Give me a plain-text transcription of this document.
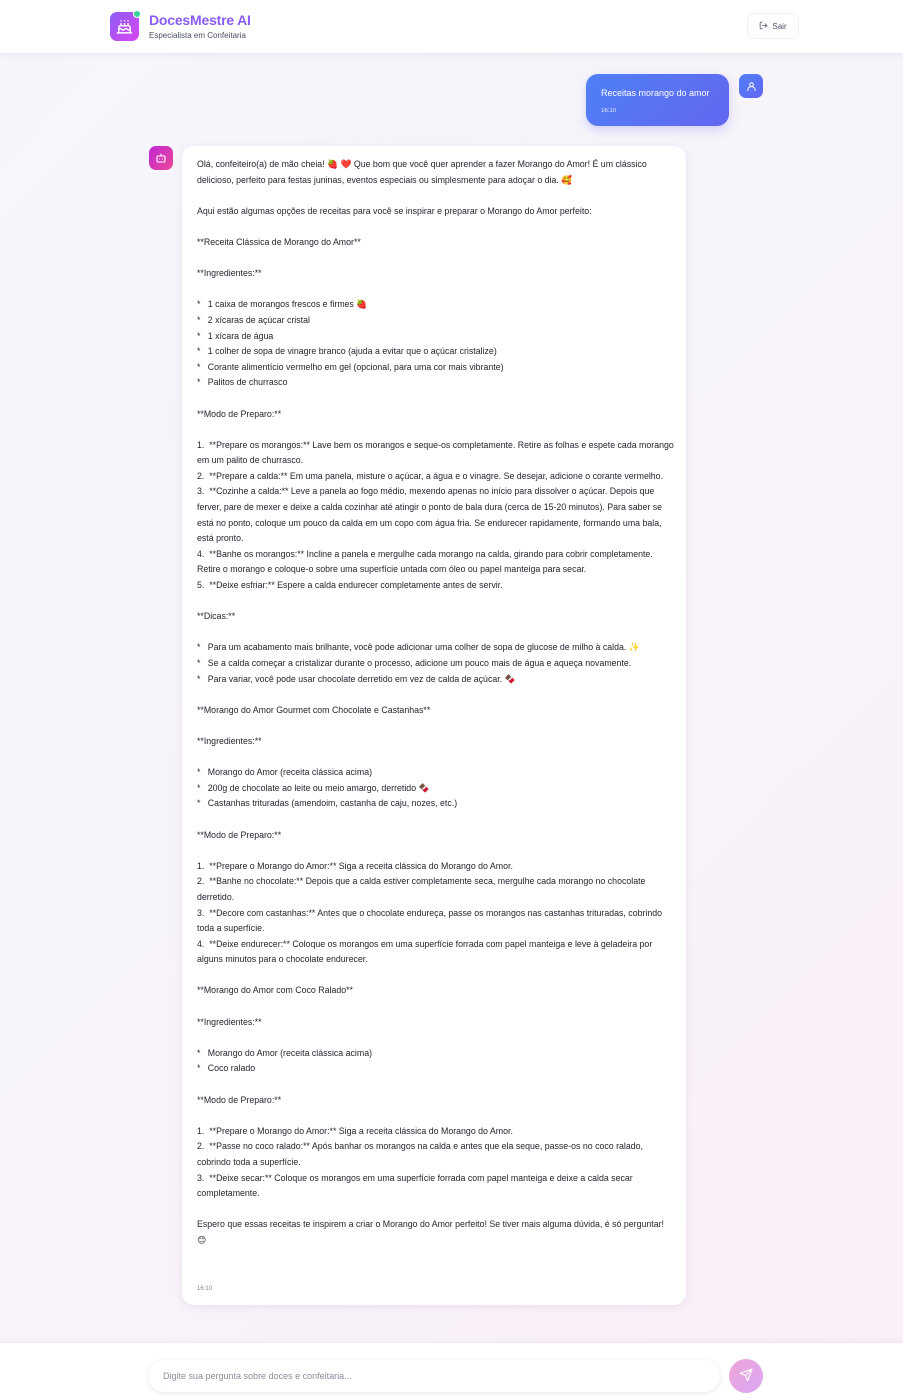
DocesMestre AI
Especialista em Confeitaria
Sair
Receitas morango do amor
16:10
Olá, confeiteiro(a) de mão cheia! 🍓 ❤️ Que bom que você quer aprender a fazer Morango do Amor! É um clássico delicioso, perfeito para festas juninas, eventos especiais ou simplesmente para adoçar o dia. 🥰

Aqui estão algumas opções de receitas para você se inspirar e preparar o Morango do Amor perfeito:

**Receita Clássica de Morango do Amor**

**Ingredientes:**

*   1 caixa de morangos frescos e firmes 🍓
*   2 xícaras de açúcar cristal
*   1 xícara de água
*   1 colher de sopa de vinagre branco (ajuda a evitar que o açúcar cristalize)
*   Corante alimentício vermelho em gel (opcional, para uma cor mais vibrante)
*   Palitos de churrasco

**Modo de Preparo:**

1.  **Prepare os morangos:** Lave bem os morangos e seque-os completamente. Retire as folhas e espete cada morango em um palito de churrasco.
2.  **Prepare a calda:** Em uma panela, misture o açúcar, a água e o vinagre. Se desejar, adicione o corante vermelho.
3.  **Cozinhe a calda:** Leve a panela ao fogo médio, mexendo apenas no início para dissolver o açúcar. Depois que ferver, pare de mexer e deixe a calda cozinhar até atingir o ponto de bala dura (cerca de 15-20 minutos). Para saber se está no ponto, coloque um pouco da calda em um copo com água fria. Se endurecer rapidamente, formando uma bala, está pronto.
4.  **Banhe os morangos:** Incline a panela e mergulhe cada morango na calda, girando para cobrir completamente. Retire o morango e coloque-o sobre uma superfície untada com óleo ou papel manteiga para secar.
5.  **Deixe esfriar:** Espere a calda endurecer completamente antes de servir.

**Dicas:**

*   Para um acabamento mais brilhante, você pode adicionar uma colher de sopa de glucose de milho à calda. ✨
*   Se a calda começar a cristalizar durante o processo, adicione um pouco mais de água e aqueça novamente.
*   Para variar, você pode usar chocolate derretido em vez de calda de açúcar. 🍫

**Morango do Amor Gourmet com Chocolate e Castanhas**

**Ingredientes:**

*   Morango do Amor (receita clássica acima)
*   200g de chocolate ao leite ou meio amargo, derretido 🍫
*   Castanhas trituradas (amendoim, castanha de caju, nozes, etc.)

**Modo de Preparo:**

1.  **Prepare o Morango do Amor:** Siga a receita clássica do Morango do Amor.
2.  **Banhe no chocolate:** Depois que a calda estiver completamente seca, mergulhe cada morango no chocolate derretido.
3.  **Decore com castanhas:** Antes que o chocolate endureça, passe os morangos nas castanhas trituradas, cobrindo toda a superfície.
4.  **Deixe endurecer:** Coloque os morangos em uma superfície forrada com papel manteiga e leve à geladeira por alguns minutos para o chocolate endurecer.

**Morango do Amor com Coco Ralado**

**Ingredientes:**

*   Morango do Amor (receita clássica acima)
*   Coco ralado

**Modo de Preparo:**

1.  **Prepare o Morango do Amor:** Siga a receita clássica do Morango do Amor.
2.  **Passe no coco ralado:** Após banhar os morangos na calda e antes que ela seque, passe-os no coco ralado, cobrindo toda a superfície.
3.  **Deixe secar:** Coloque os morangos em uma superfície forrada com papel manteiga e deixe a calda secar completamente.

Espero que essas receitas te inspirem a criar o Morango do Amor perfeito! Se tiver mais alguma dúvida, é só perguntar! 😊
16:10
Digite sua pergunta sobre doces e confeitaria...
